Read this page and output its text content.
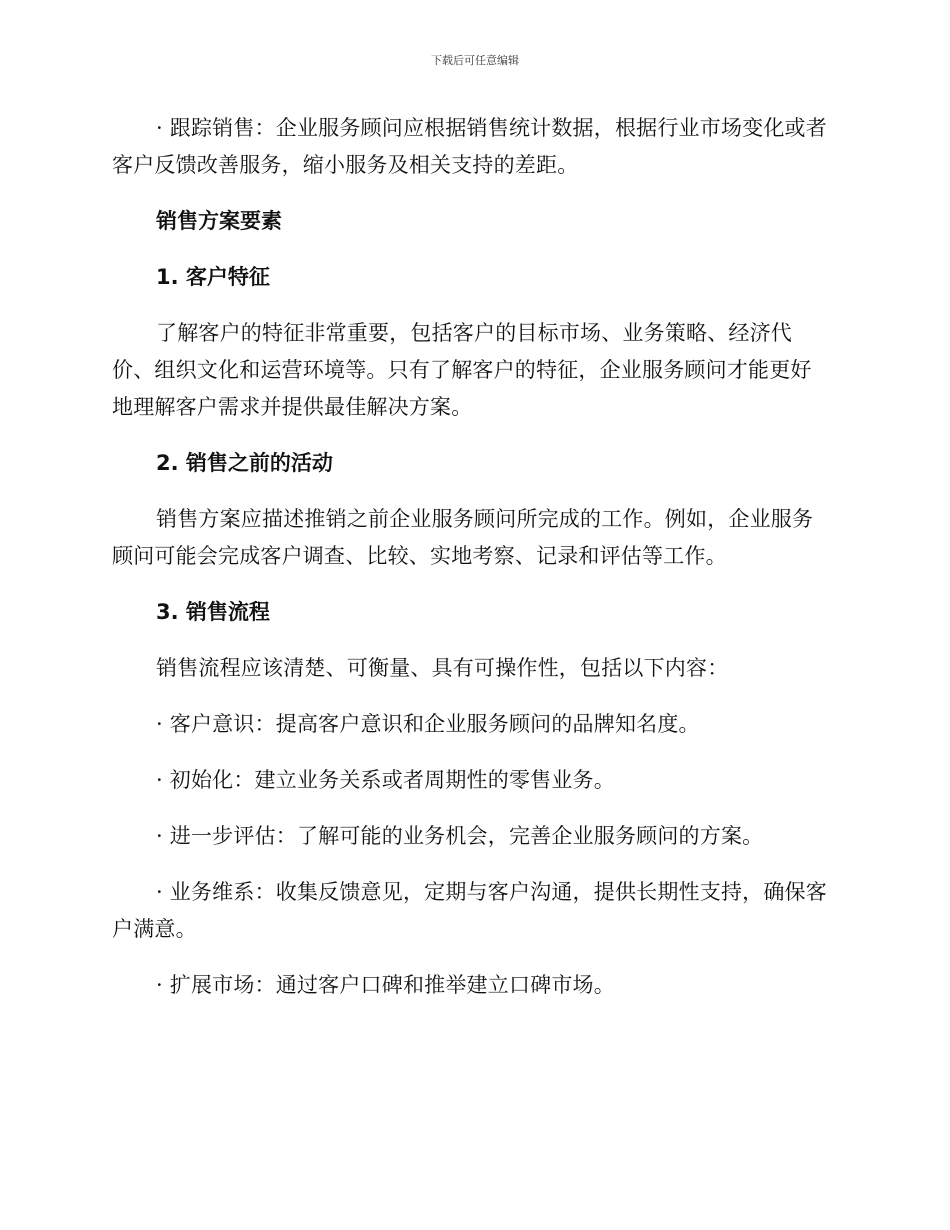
下载后可任意编辑

· 跟踪销售：企业服务顾问应根据销售统计数据，根据行业市场变化或者客户反馈改善服务，缩小服务及相关支持的差距。

销售方案要素

1. 客户特征

了解客户的特征非常重要，包括客户的目标市场、业务策略、经济代价、组织文化和运营环境等。只有了解客户的特征，企业服务顾问才能更好地理解客户需求并提供最佳解决方案。

2. 销售之前的活动

销售方案应描述推销之前企业服务顾问所完成的工作。例如，企业服务顾问可能会完成客户调查、比较、实地考察、记录和评估等工作。

3. 销售流程

销售流程应该清楚、可衡量、具有可操作性，包括以下内容：

· 客户意识：提高客户意识和企业服务顾问的品牌知名度。

· 初始化：建立业务关系或者周期性的零售业务。

· 进一步评估：了解可能的业务机会，完善企业服务顾问的方案。

· 业务维系：收集反馈意见，定期与客户沟通，提供长期性支持，确保客户满意。

· 扩展市场：通过客户口碑和推举建立口碑市场。
